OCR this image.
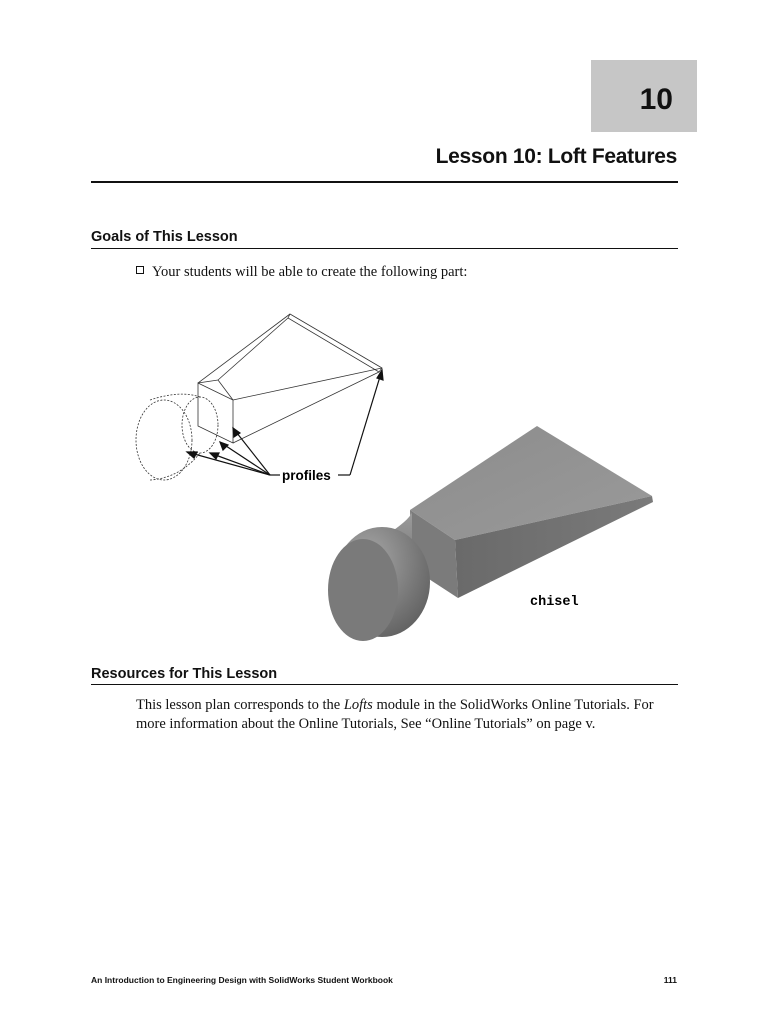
10
Lesson 10: Loft Features
Goals of This Lesson
Your students will be able to create the following part:
profiles
chisel
Resources for This Lesson
This lesson plan corresponds to the Lofts module in the SolidWorks Online Tutorials. For more information about the Online Tutorials, See “Online Tutorials” on page v.
An Introduction to Engineering Design with SolidWorks Student Workbook	111
